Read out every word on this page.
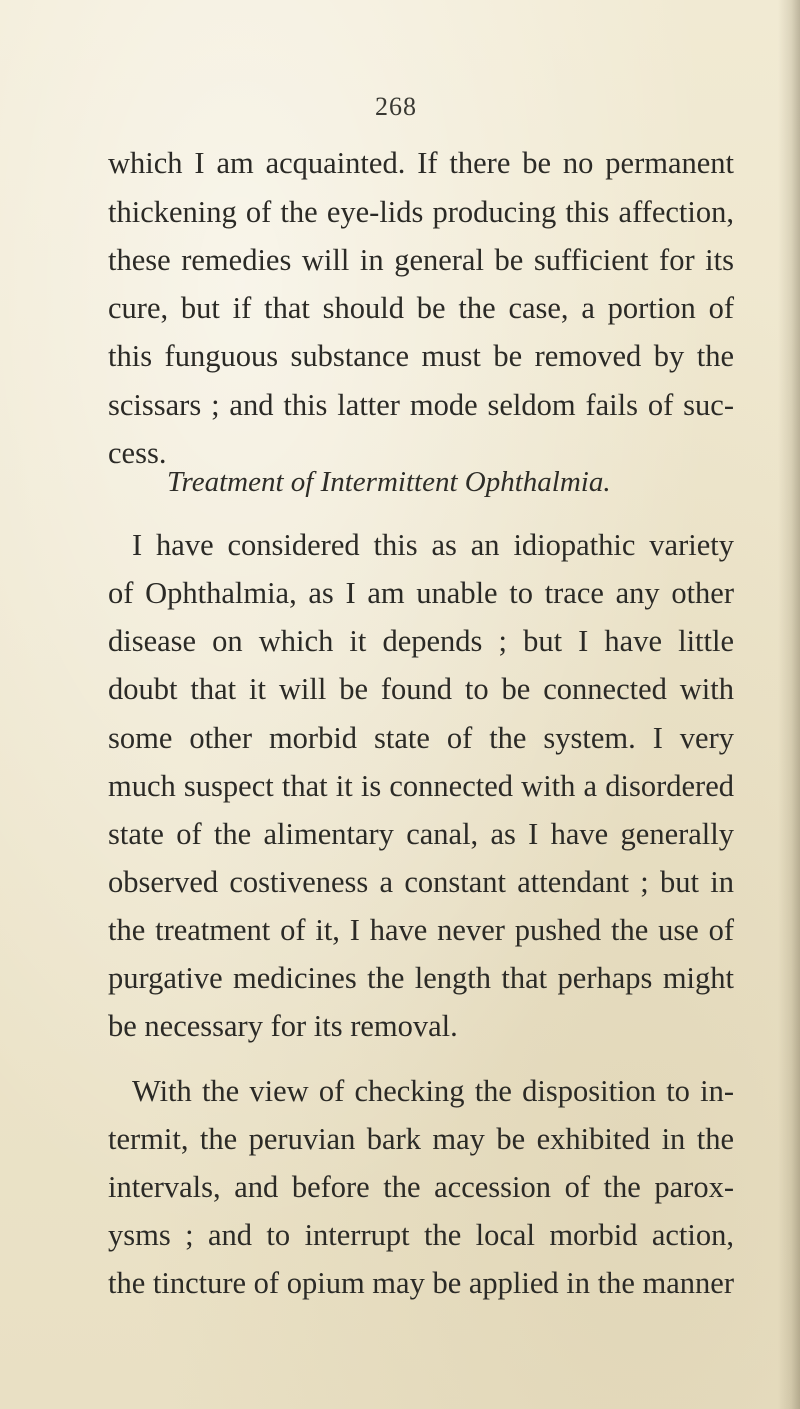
268
which I am acquainted. If there be no permanent
thickening of the eye-lids producing this affection,
these remedies will in general be sufficient for its
cure, but if that should be the case, a portion of
this funguous substance must be removed by the
scissars ; and this latter mode seldom fails of suc-
cess.
Treatment of Intermittent Ophthalmia.
I have considered this as an idiopathic variety
of Ophthalmia, as I am unable to trace any other
disease on which it depends ; but I have little
doubt that it will be found to be connected with
some other morbid state of the system. I very
much suspect that it is connected with a disordered
state of the alimentary canal, as I have generally
observed costiveness a constant attendant ; but in
the treatment of it, I have never pushed the use of
purgative medicines the length that perhaps might
be necessary for its removal.
With the view of checking the disposition to in-
termit, the peruvian bark may be exhibited in the
intervals, and before the accession of the parox-
ysms ; and to interrupt the local morbid action,
the tincture of opium may be applied in the manner
